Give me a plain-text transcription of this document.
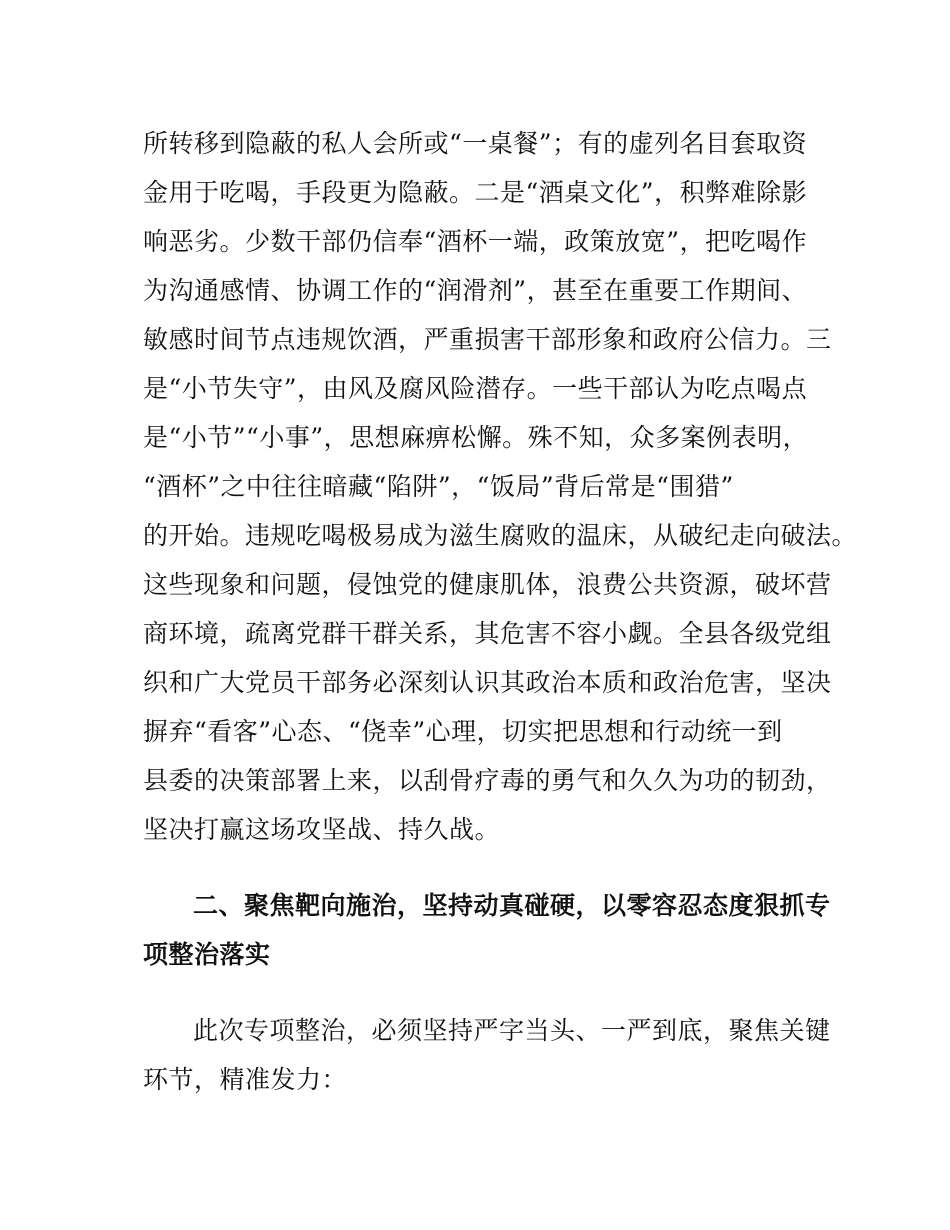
所转移到隐蔽的私人会所或“一桌餐”；有的虚列名目套取资
金用于吃喝，手段更为隐蔽。二是“酒桌文化”，积弊难除影
响恶劣。少数干部仍信奉“酒杯一端，政策放宽”，把吃喝作
为沟通感情、协调工作的“润滑剂”，甚至在重要工作期间、
敏感时间节点违规饮酒，严重损害干部形象和政府公信力。三
是“小节失守”，由风及腐风险潜存。一些干部认为吃点喝点
是“小节”“小事”，思想麻痹松懈。殊不知，众多案例表明，
“酒杯”之中往往暗藏“陷阱”，“饭局”背后常是“围猎”
的开始。违规吃喝极易成为滋生腐败的温床，从破纪走向破法。
这些现象和问题，侵蚀党的健康肌体，浪费公共资源，破坏营
商环境，疏离党群干群关系，其危害不容小觑。全县各级党组
织和广大党员干部务必深刻认识其政治本质和政治危害，坚决
摒弃“看客”心态、“侥幸”心理，切实把思想和行动统一到
县委的决策部署上来，以刮骨疗毒的勇气和久久为功的韧劲，
坚决打赢这场攻坚战、持久战。
二、聚焦靶向施治，坚持动真碰硬，以零容忍态度狠抓专
项整治落实
此次专项整治，必须坚持严字当头、一严到底，聚焦关键
环节，精准发力：
